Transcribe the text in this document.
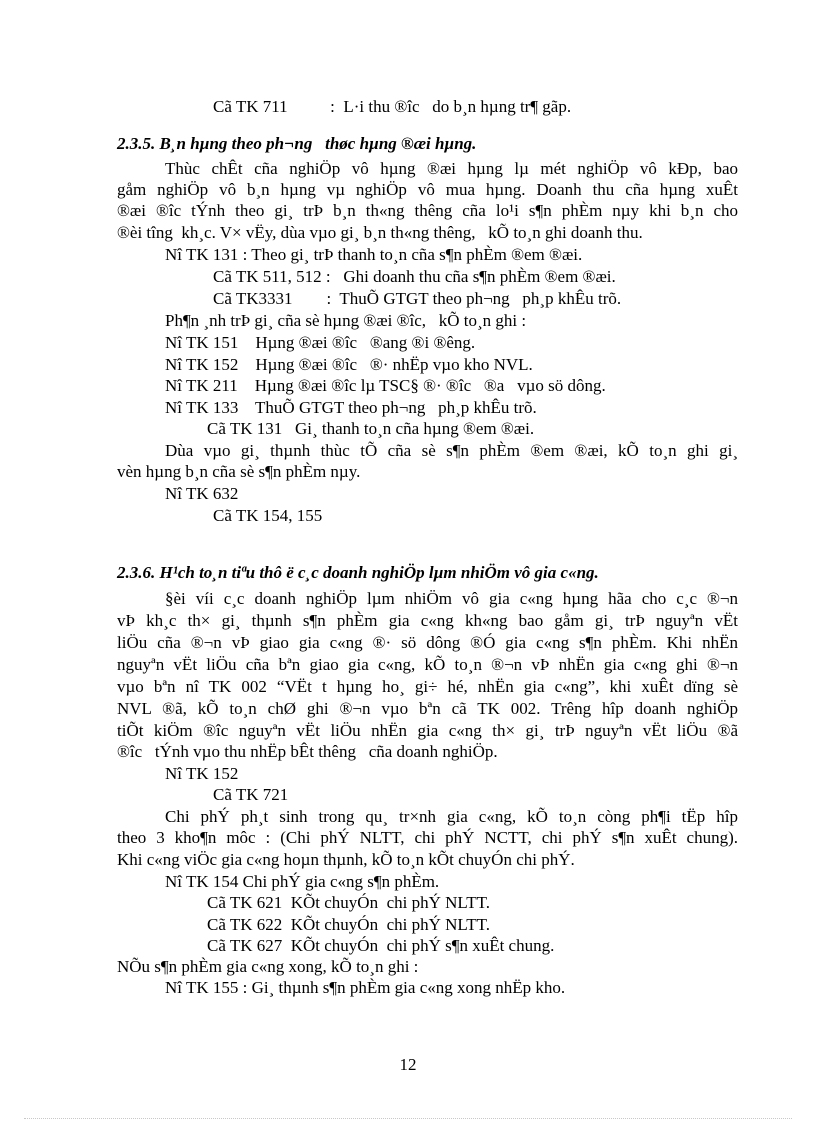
Cã TK 711          :  L·i thu ®îc   do b¸n hµng tr¶ gãp.
2.3.5. B¸n hµng theo ph¬ng   thøc hµng ®æi hµng.
Thùc chÊt cña nghiÖp vô hµng ®æi hµng lµ mét nghiÖp vô kÐp, bao
gåm nghiÖp vô b¸n hµng vµ nghiÖp vô mua hµng. Doanh thu cña hµng xuÊt
®æi ®îc tÝnh theo gi¸ trÞ b¸n th«ng thêng cña lo¹i s¶n phÈm nµy khi b¸n cho
®èi tîng  kh¸c. V× vËy, dùa vµo gi¸ b¸n th«ng thêng,   kÕ to¸n ghi doanh thu.
Nî TK 131 : Theo gi¸ trÞ thanh to¸n cña s¶n phÈm ®em ®æi.
Cã TK 511, 512 :   Ghi doanh thu cña s¶n phÈm ®em ®æi.
Cã TK3331        :  ThuÕ GTGT theo ph¬ng   ph¸p khÊu trõ.
Ph¶n ¸nh trÞ gi¸ cña sè hµng ®æi ®îc,   kÕ to¸n ghi :
Nî TK 151    Hµng ®æi ®îc   ®ang ®i ®êng.
Nî TK 152    Hµng ®æi ®îc   ®· nhËp vµo kho NVL.
Nî TK 211    Hµng ®æi ®îc lµ TSC§ ®· ®îc   ®a   vµo sö dông.
Nî TK 133    ThuÕ GTGT theo ph¬ng   ph¸p khÊu trõ.
Cã TK 131   Gi¸ thanh to¸n cña hµng ®em ®æi.
Dùa vµo gi¸ thµnh thùc tÕ cña sè s¶n phÈm ®em ®æi, kÕ to¸n ghi gi¸
vèn hµng b¸n cña sè s¶n phÈm nµy.
Nî TK 632
Cã TK 154, 155
2.3.6. H¹ch to¸n tiªu thô ë c¸c doanh nghiÖp lµm nhiÖm vô gia c«ng.
§èi víi c¸c doanh nghiÖp lµm nhiÖm vô gia c«ng hµng hãa cho c¸c ®¬n
vÞ kh¸c th× gi¸ thµnh s¶n phÈm gia c«ng kh«ng bao gåm gi¸ trÞ nguyªn vËt
liÖu cña ®¬n vÞ giao gia c«ng ®· sö dông ®Ó gia c«ng s¶n phÈm. Khi nhËn
nguyªn vËt liÖu cña bªn giao gia c«ng, kÕ to¸n ®¬n vÞ nhËn gia c«ng ghi ®¬n
vµo bªn nî TK 002 “VËt t hµng ho¸ gi÷ hé, nhËn gia c«ng”, khi xuÊt dïng sè
NVL ®ã, kÕ to¸n chØ ghi ®¬n vµo bªn cã TK 002. Trêng hîp doanh nghiÖp
tiÕt kiÖm ®îc nguyªn vËt liÖu nhËn gia c«ng th× gi¸ trÞ nguyªn vËt liÖu ®ã
®îc   tÝnh vµo thu nhËp bÊt thêng   cña doanh nghiÖp.
Nî TK 152
Cã TK 721
Chi phÝ ph¸t sinh trong qu¸ tr×nh gia c«ng, kÕ to¸n còng ph¶i tËp hîp
theo 3 kho¶n môc : (Chi phÝ NLTT, chi phÝ NCTT, chi phÝ s¶n xuÊt chung).
Khi c«ng viÖc gia c«ng hoµn thµnh, kÕ to¸n kÕt chuyÓn chi phÝ.
Nî TK 154 Chi phÝ gia c«ng s¶n phÈm.
Cã TK 621  KÕt chuyÓn  chi phÝ NLTT.
Cã TK 622  KÕt chuyÓn  chi phÝ NLTT.
Cã TK 627  KÕt chuyÓn  chi phÝ s¶n xuÊt chung.
NÕu s¶n phÈm gia c«ng xong, kÕ to¸n ghi :
Nî TK 155 : Gi¸ thµnh s¶n phÈm gia c«ng xong nhËp kho.
12
